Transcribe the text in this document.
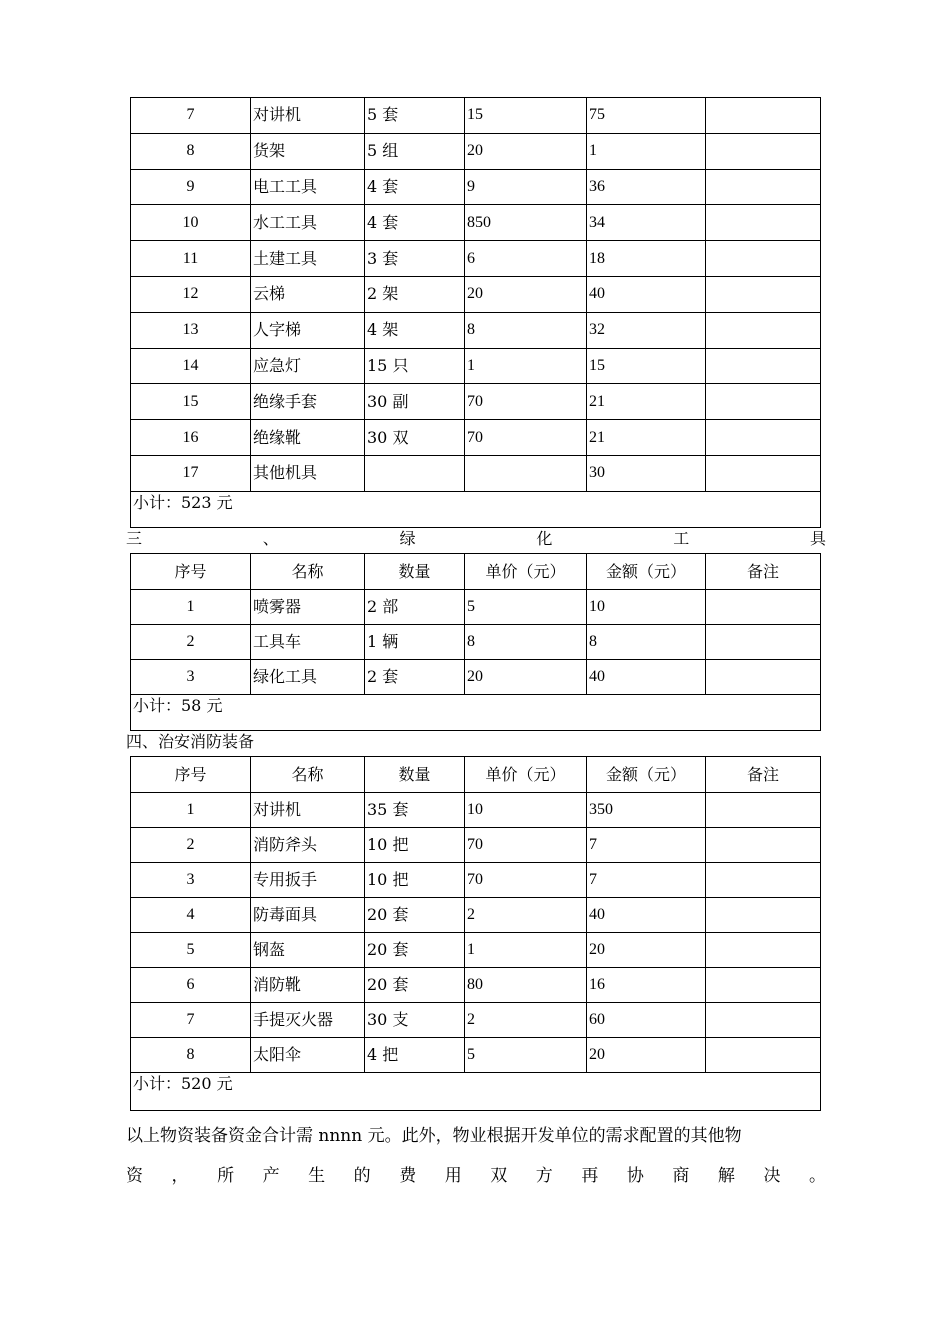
7	对讲机	5 套	15	75	
8	货架	5 组	20	1	
9	电工工具	4 套	9	36	
10	水工工具	4 套	850	34	
11	土建工具	3 套	6	18	
12	云梯	2 架	20	40	
13	人字梯	4 架	8	32	
14	应急灯	15 只	1	15	
15	绝缘手套	30 副	70	21	
16	绝缘靴	30 双	70	21	
17	其他机具			30	
小计：523 元					
三	、	绿	化	工	具
序号	名称	数量	单价（元）	金额（元）	备注
1	喷雾器	2 部	5	10	
2	工具车	1 辆	8	8	
3	绿化工具	2 套	20	40	
小计：58 元					
四、治安消防装备
序号	名称	数量	单价（元）	金额（元）	备注
1	对讲机	35 套	10	350	
2	消防斧头	10 把	70	7	
3	专用扳手	10 把	70	7	
4	防毒面具	20 套	2	40	
5	钢盔	20 套	1	20	
6	消防靴	20 套	80	16	
7	手提灭火器	30 支	2	60	
8	太阳伞	4 把	5	20	
小计：520 元					
以上物资装备资金合计需 nnnn 元。此外，物业根据开发单位的需求配置的其他物
资 ， 所 产 生 的 费 用 双 方 再 协 商 解 决 。
